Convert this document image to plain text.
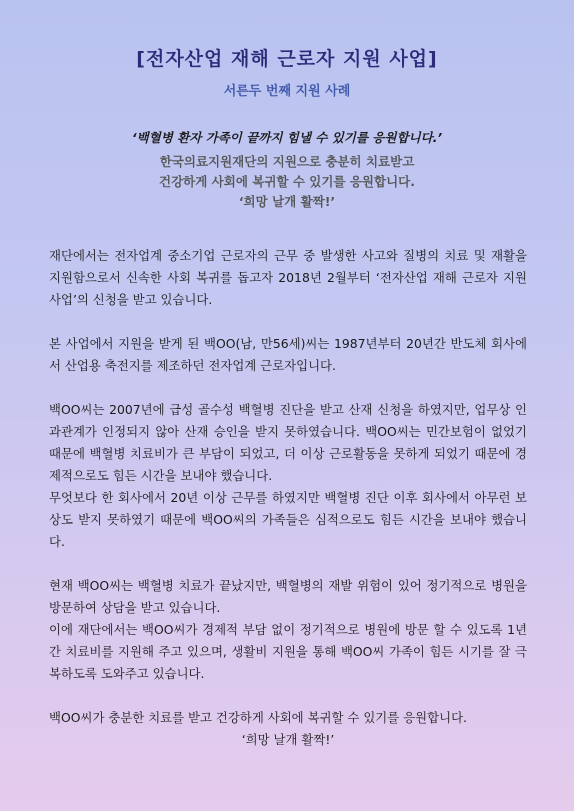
[전자산업 재해 근로자 지원 사업]
서른두 번째 지원 사례
‘백혈병 환자 가족이 끝까지 힘낼 수 있기를 응원합니다.’
한국의료지원재단의 지원으로 충분히 치료받고
건강하게 사회에 복귀할 수 있기를 응원합니다.
‘희망 날개 활짝!’

재단에서는 전자업계 중소기업 근로자의 근무 중 발생한 사고와 질병의 치료 및 재활을 지원함으로서 신속한 사회 복귀를 돕고자 2018년 2월부터 ‘전자산업 재해 근로자 지원 사업’의 신청을 받고 있습니다.

본 사업에서 지원을 받게 된 백OO(남, 만56세)씨는 1987년부터 20년간 반도체 회사에서 산업용 축전지를 제조하던 전자업계 근로자입니다.

백OO씨는 2007년에 급성 골수성 백혈병 진단을 받고 산재 신청을 하였지만, 업무상 인과관계가 인정되지 않아 산재 승인을 받지 못하였습니다. 백OO씨는 민간보험이 없었기 때문에 백혈병 치료비가 큰 부담이 되었고, 더 이상 근로활동을 못하게 되었기 때문에 경제적으로도 힘든 시간을 보내야 했습니다.

무엇보다 한 회사에서 20년 이상 근무를 하였지만 백혈병 진단 이후 회사에서 아무런 보상도 받지 못하였기 때문에 백OO씨의 가족들은 심적으로도 힘든 시간을 보내야 했습니다.

현재 백OO씨는 백혈병 치료가 끝났지만, 백혈병의 재발 위험이 있어 정기적으로 병원을 방문하여 상담을 받고 있습니다.

이에 재단에서는 백OO씨가 경제적 부담 없이 정기적으로 병원에 방문 할 수 있도록 1년 간 치료비를 지원해 주고 있으며, 생활비 지원을 통해 백OO씨 가족이 힘든 시기를 잘 극복하도록 도와주고 있습니다.

백OO씨가 충분한 치료를 받고 건강하게 사회에 복귀할 수 있기를 응원합니다.
‘희망 날개 활짝!’
